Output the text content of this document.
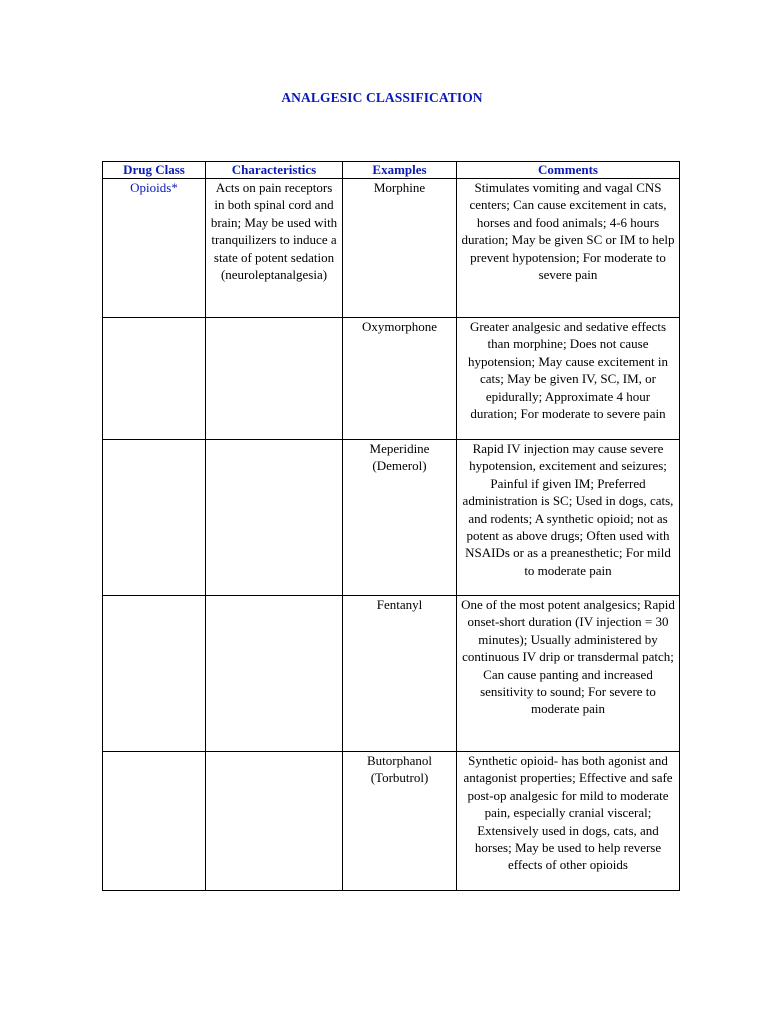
ANALGESIC CLASSIFICATION
Drug Class	Characteristics	Examples	Comments
Opioids*	Acts on pain receptors in both spinal cord and brain; May be used with tranquilizers to induce a state of potent sedation (neuroleptanalgesia)	Morphine	Stimulates vomiting and vagal CNS centers; Can cause excitement in cats, horses and food animals; 4-6 hours duration; May be given SC or IM to help prevent hypotension; For moderate to severe pain
		Oxymorphone	Greater analgesic and sedative effects than morphine; Does not cause hypotension; May cause excitement in cats; May be given IV, SC, IM, or epidurally; Approximate 4 hour duration; For moderate to severe pain
		Meperidine (Demerol)	Rapid IV injection may cause severe hypotension, excitement and seizures; Painful if given IM; Preferred administration is SC; Used in dogs, cats, and rodents; A synthetic opioid; not as potent as above drugs; Often used with NSAIDs or as a preanesthetic; For mild to moderate pain
		Fentanyl	One of the most potent analgesics; Rapid onset-short duration (IV injection = 30 minutes); Usually administered by continuous IV drip or transdermal patch; Can cause panting and increased sensitivity to sound; For severe to moderate pain
		Butorphanol (Torbutrol)	Synthetic opioid- has both agonist and antagonist properties; Effective and safe post-op analgesic for mild to moderate pain, especially cranial visceral; Extensively used in dogs, cats, and horses; May be used to help reverse effects of other opioids
